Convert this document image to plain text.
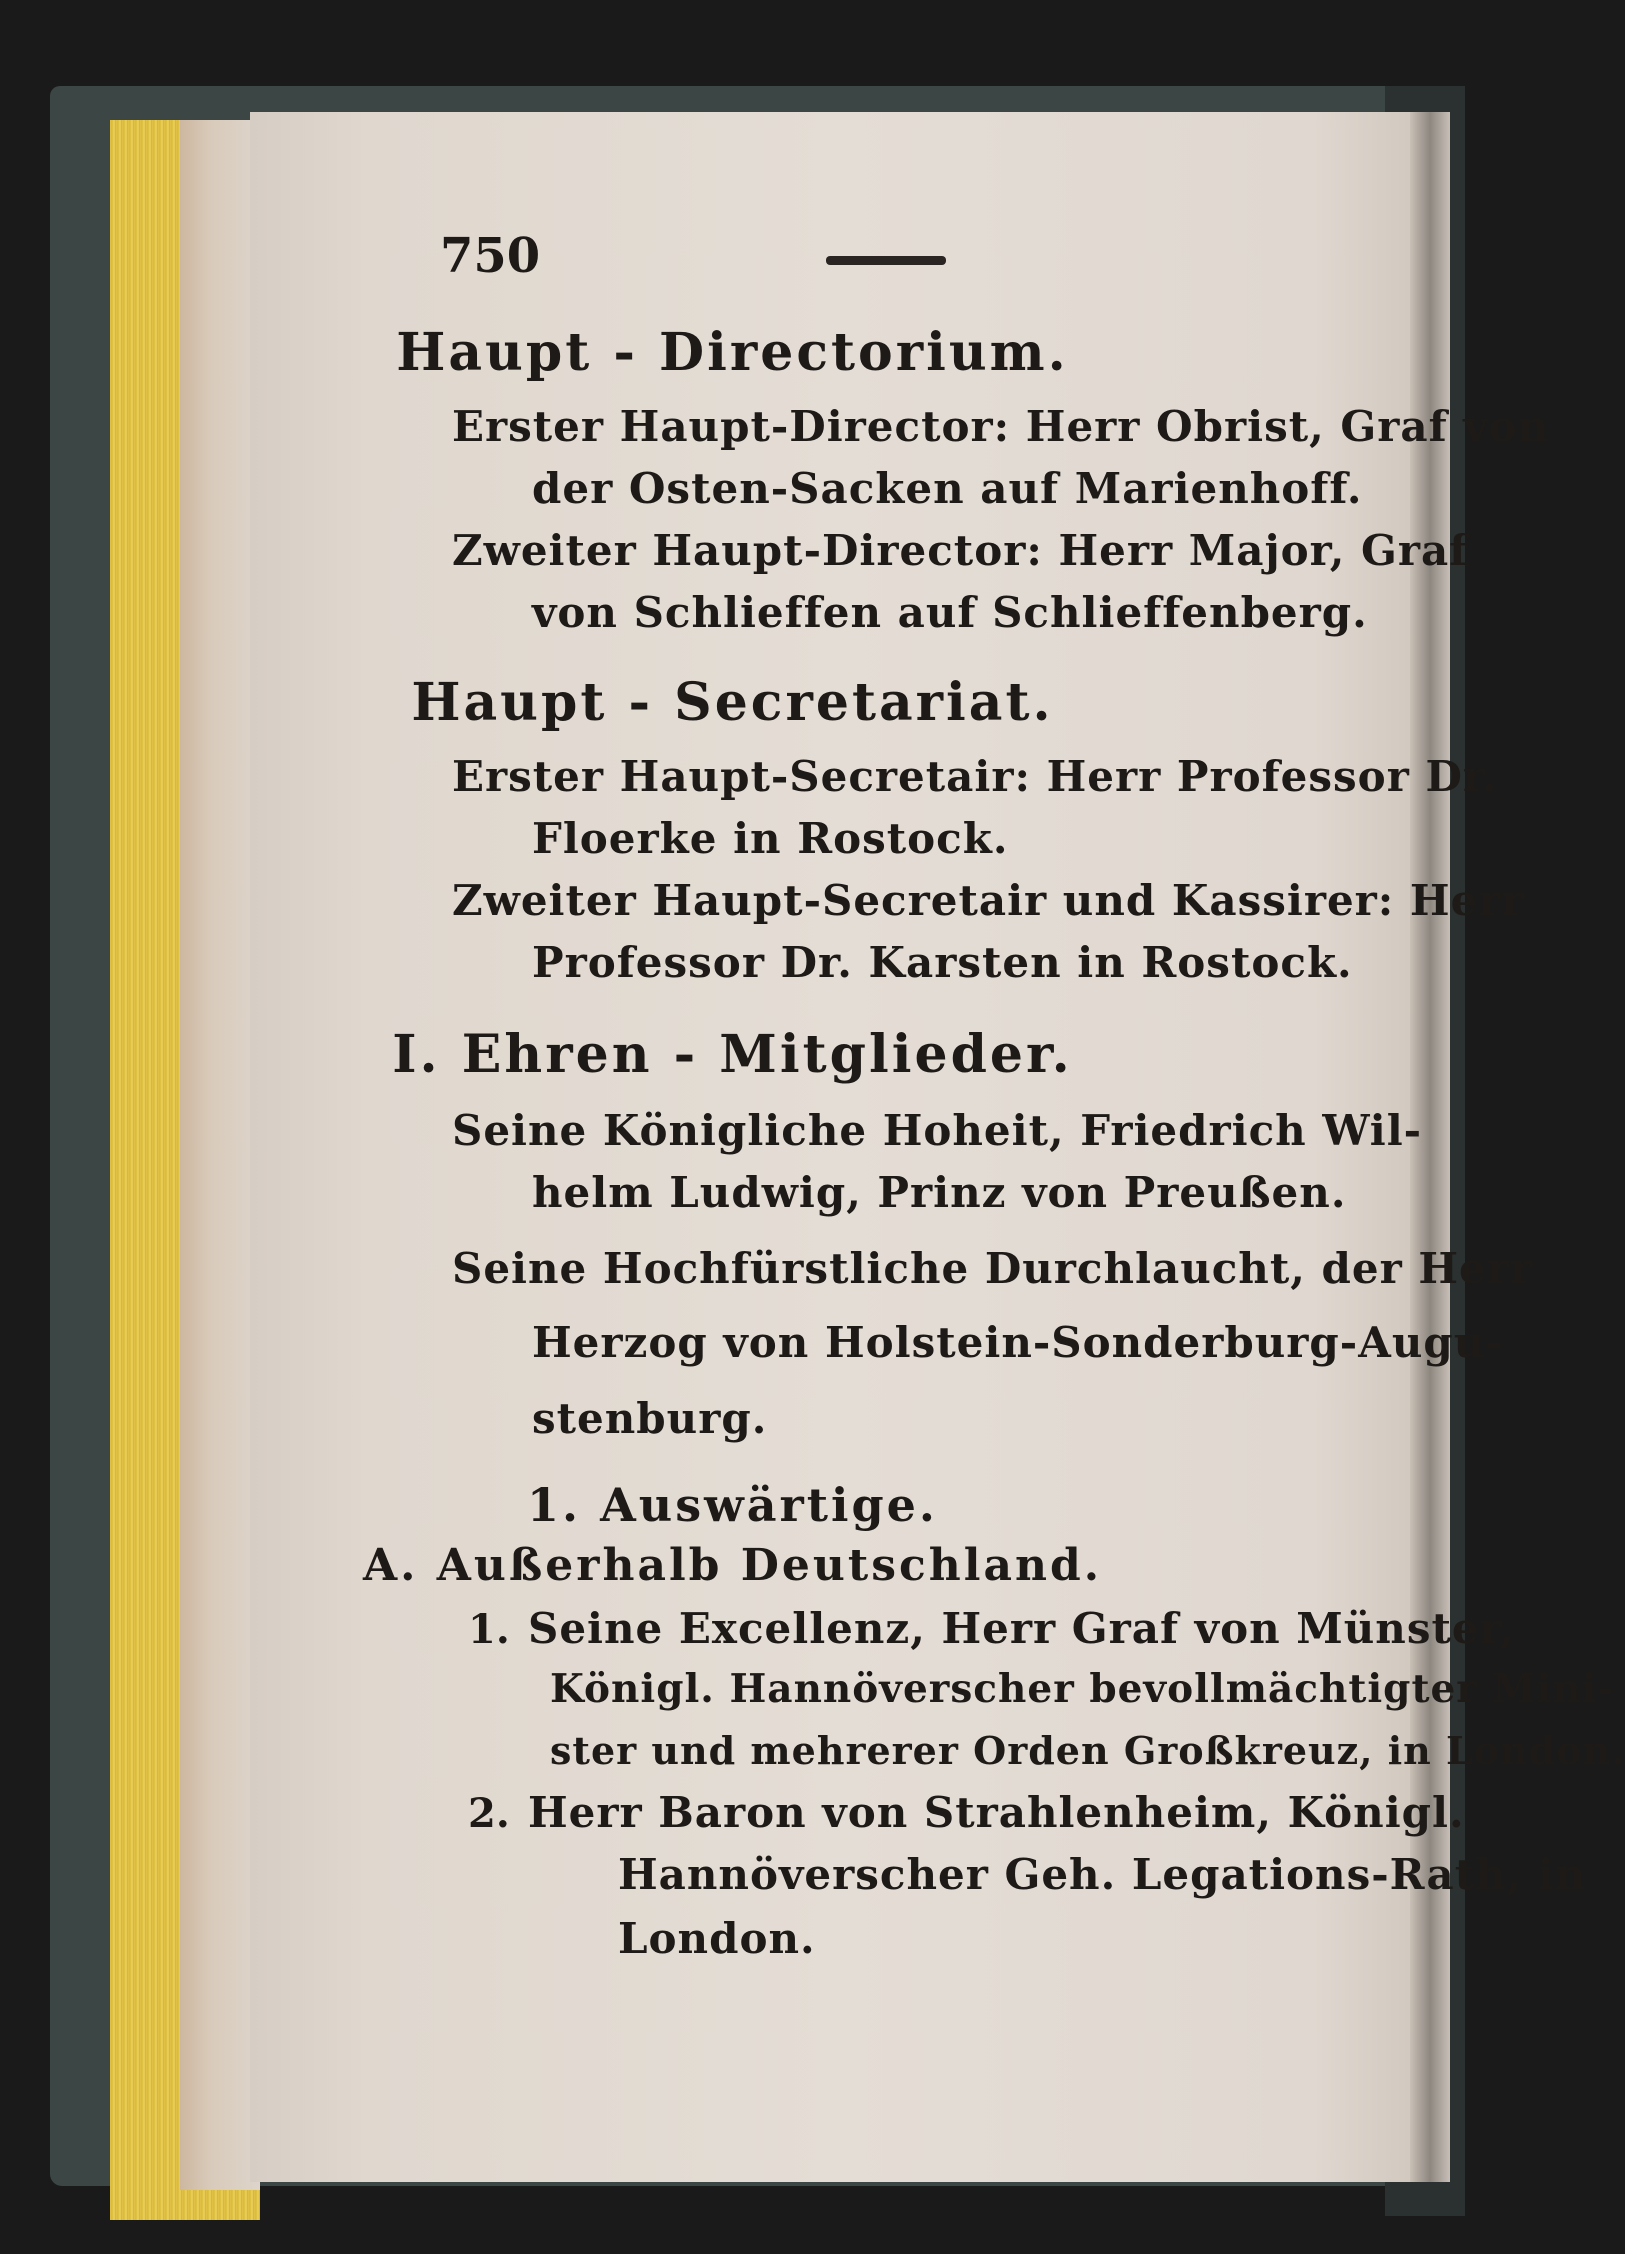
750
Haupt - Directorium.
Erster Haupt-Director: Herr Obrist, Graf von
der Osten-Sacken auf Marienhoff.
Zweiter Haupt-Director: Herr Major, Graf
von Schlieffen auf Schlieffenberg.
Haupt - Secretariat.
Erster Haupt-Secretair: Herr Professor Dr.
Floerke in Rostock.
Zweiter Haupt-Secretair und Kassirer: Herr
Professor Dr. Karsten in Rostock.
I. Ehren - Mitglieder.
Seine Königliche Hoheit, Friedrich Wil-
helm Ludwig, Prinz von Preußen.
Seine Hochfürstliche Durchlaucht, der Herr
Herzog von Holstein-Sonderburg-Augu-
stenburg.
1. Auswärtige.
A. Außerhalb Deutschland.
1. Seine Excellenz, Herr Graf von Münster,
Königl. Hannöverscher bevollmächtigter Mini-
ster und mehrerer Orden Großkreuz, in London.
2. Herr Baron von Strahlenheim, Königl.
Hannöverscher Geh. Legations-Rath, in
London.
